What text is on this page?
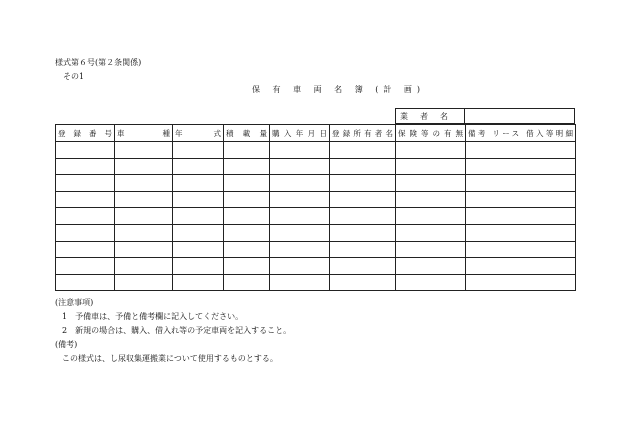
様式第６号(第２条関係)
その1
保 有 車 両 名 簿 (計 画)
業者名
登録番号	車種	年式	積載量	購入年月日	登録所有者名	保険等の有無	備考 リース 借入等明細

(注意事項)
1　予備車は、予備と備考欄に記入してください。
2　新規の場合は、購入、借入れ等の予定車両を記入すること。
(備考)
この様式は、し尿収集運搬業について使用するものとする。
